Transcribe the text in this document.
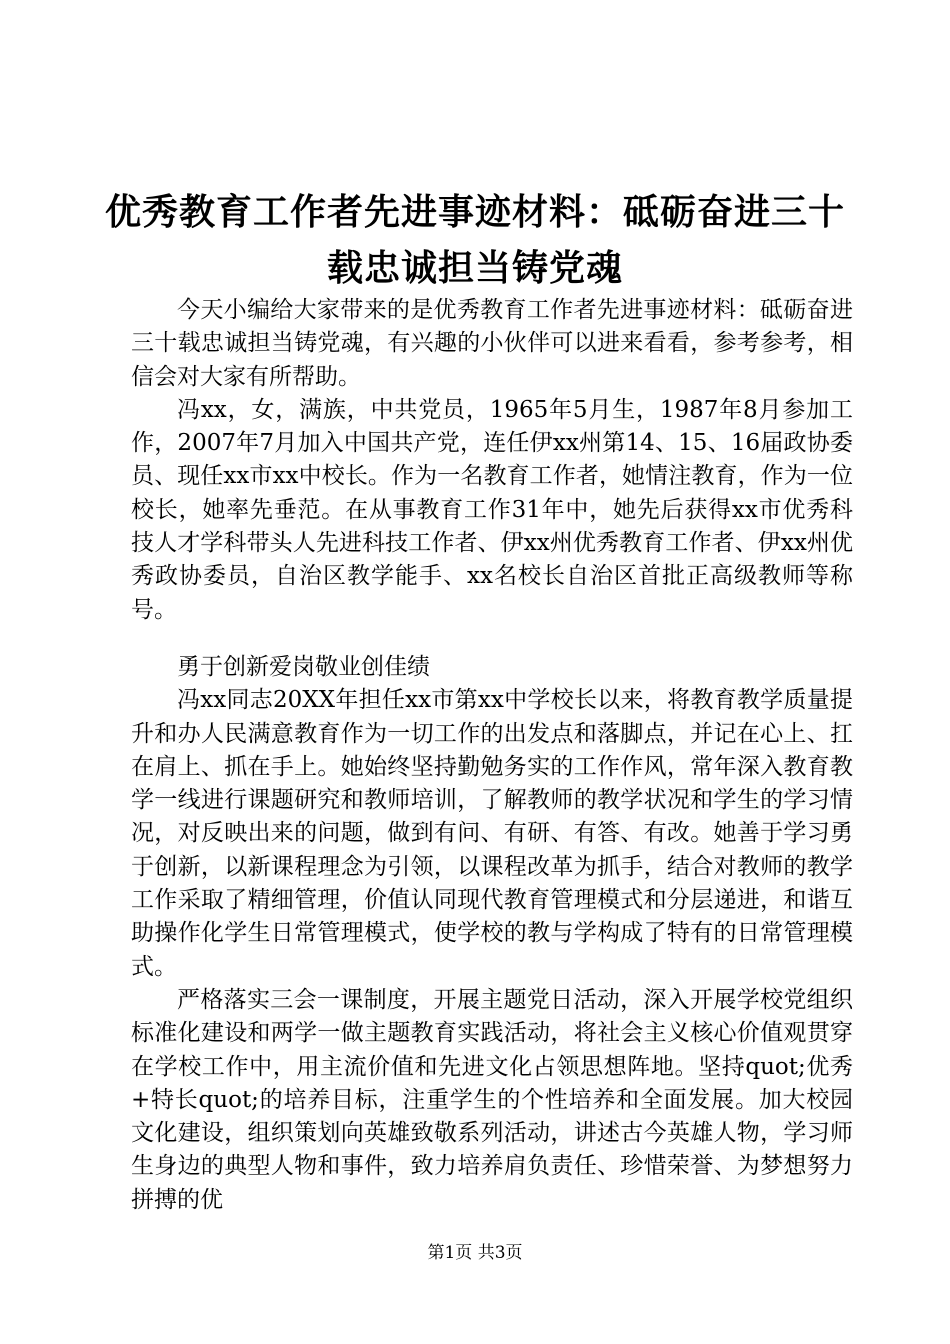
优秀教育工作者先进事迹材料：砥砺奋进三十
载忠诚担当铸党魂

今天小编给大家带来的是优秀教育工作者先进事迹材料：砥砺奋进三十载忠诚担当铸党魂，有兴趣的小伙伴可以进来看看，参考参考，相信会对大家有所帮助。

冯xx，女，满族，中共党员，1965年5月生，1987年8月参加工作，2007年7月加入中国共产党，连任伊xx州第14、15、16届政协委员、现任xx市xx中校长。作为一名教育工作者，她情注教育，作为一位校长，她率先垂范。在从事教育工作31年中，她先后获得xx市优秀科技人才学科带头人先进科技工作者、伊xx州优秀教育工作者、伊xx州优秀政协委员，自治区教学能手、xx名校长自治区首批正高级教师等称号。

勇于创新爱岗敬业创佳绩

冯xx同志20XX年担任xx市第xx中学校长以来，将教育教学质量提升和办人民满意教育作为一切工作的出发点和落脚点，并记在心上、扛在肩上、抓在手上。她始终坚持勤勉务实的工作作风，常年深入教育教学一线进行课题研究和教师培训，了解教师的教学状况和学生的学习情况，对反映出来的问题，做到有问、有研、有答、有改。她善于学习勇于创新，以新课程理念为引领，以课程改革为抓手，结合对教师的教学工作采取了精细管理，价值认同现代教育管理模式和分层递进，和谐互助操作化学生日常管理模式，使学校的教与学构成了特有的日常管理模式。

严格落实三会一课制度，开展主题党日活动，深入开展学校党组织标准化建设和两学一做主题教育实践活动，将社会主义核心价值观贯穿在学校工作中，用主流价值和先进文化占领思想阵地。坚持quot;优秀+特长quot;的培养目标，注重学生的个性培养和全面发展。加大校园文化建设，组织策划向英雄致敬系列活动，讲述古今英雄人物，学习师生身边的典型人物和事件，致力培养肩负责任、珍惜荣誉、为梦想努力拼搏的优

第1页 共3页
